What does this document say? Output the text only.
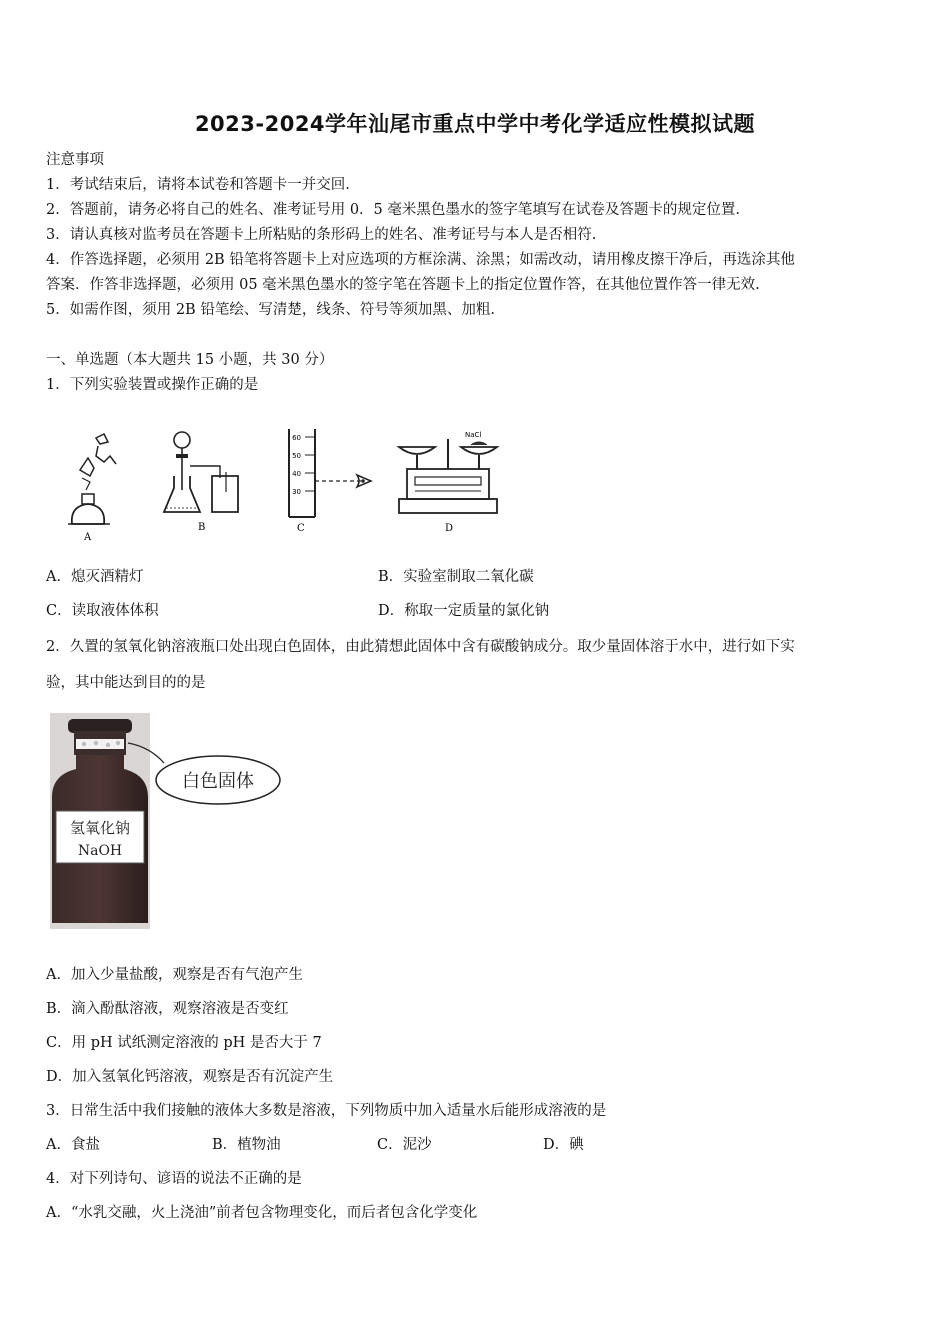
2023-2024学年汕尾市重点中学中考化学适应性模拟试题
注意事项
1．考试结束后，请将本试卷和答题卡一并交回.
2．答题前，请务必将自己的姓名、准考证号用 0．5 毫米黑色墨水的签字笔填写在试卷及答题卡的规定位置.
3．请认真核对监考员在答题卡上所粘贴的条形码上的姓名、准考证号与本人是否相符.
4．作答选择题，必须用 2B 铅笔将答题卡上对应选项的方框涂满、涂黑；如需改动，请用橡皮擦干净后，再选涂其他
答案．作答非选择题，必须用 05 毫米黑色墨水的签字笔在答题卡上的指定位置作答，在其他位置作答一律无效.
5．如需作图，须用 2B 铅笔绘、写清楚，线条、符号等须加黑、加粗.
一、单选题（本大题共 15 小题，共 30 分）
1．下列实验装置或操作正确的是
A
B
60
50
40
30
C
NaCl
D
A．熄灭酒精灯	B．实验室制取二氧化碳
C．读取液体体积	D．称取一定质量的氯化钠
2．久置的氢氧化钠溶液瓶口处出现白色固体，由此猜想此固体中含有碳酸钠成分。取少量固体溶于水中，进行如下实
验，其中能达到目的的是
氢氧化钠
NaOH
白色固体
A．加入少量盐酸，观察是否有气泡产生
B．滴入酚酞溶液，观察溶液是否变红
C．用 pH 试纸测定溶液的 pH 是否大于 7
D．加入氢氧化钙溶液，观察是否有沉淀产生
3．日常生活中我们接触的液体大多数是溶液，下列物质中加入适量水后能形成溶液的是
A．食盐	B．植物油	C．泥沙	D．碘
4．对下列诗句、谚语的说法不正确的是
A．“水乳交融，火上浇油”前者包含物理变化，而后者包含化学变化
